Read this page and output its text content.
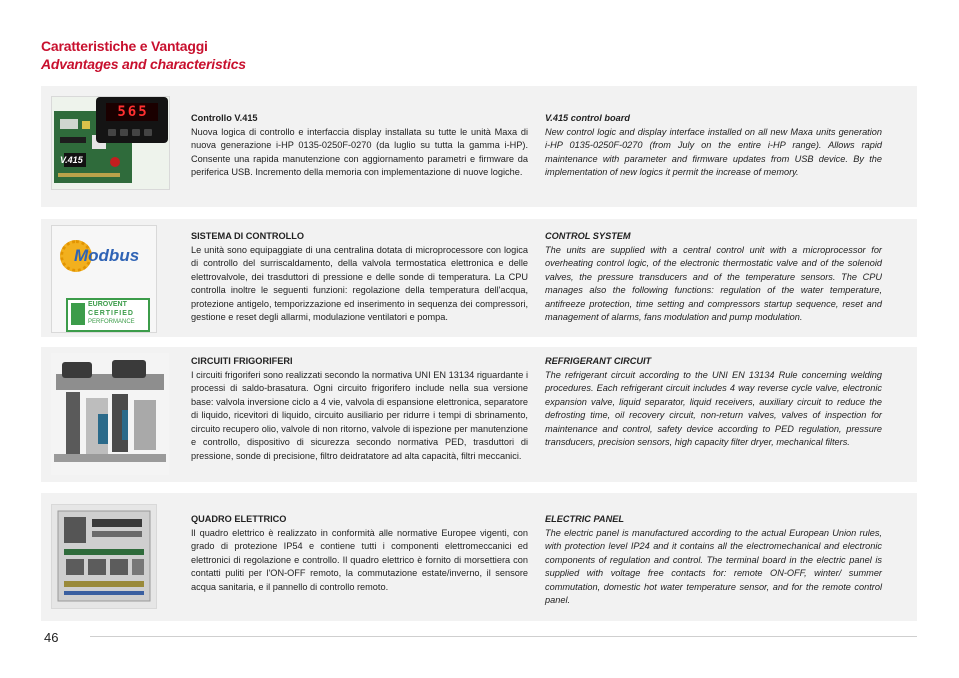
Caratteristiche e Vantaggi
Advantages and characteristics
565
V.415
Controllo V.415

Nuova logica di controllo e interfaccia display installata su tutte le unità Maxa di nuova generazione i-HP 0135-0250F-0270 (da luglio su tutta la gamma i-HP). Consente una rapida manutenzione con aggiornamento parametri e firmware da periferica USB. Incremento della memoria con implementazione di nuove logiche.

V.415 control board

New control logic and display interface installed on all new Maxa units generation i-HP 0135-0250F-0270 (from July on the entire i-HP range). Allows rapid maintenance with parameter and firmware updates from USB device. By the implementation of new logics it permit the increase of memory.

Modbus
EUROVENT
CERTIFIED
PERFORMANCE
SISTEMA DI CONTROLLO

Le unità sono equipaggiate di una centralina dotata di microprocessore con logica di controllo del surriscaldamento, della valvola termostatica elettronica e delle elettrovalvole, dei trasduttori di pressione e delle sonde di temperatura. La CPU controlla inoltre le seguenti funzioni: regolazione della temperatura dell'acqua, protezione antigelo, temporizzazione ed inserimento in sequenza dei compressori, gestione e reset degli allarmi, modulazione ventilatori e pompa.

CONTROL SYSTEM

The units are supplied with a central control unit with a microprocessor for overheating control logic, of the electronic thermostatic valve and of the solenoid valves, the pressure transducers and of the temperature sensors. The CPU manages also the following functions: regulation of the water temperature, antifreeze protection, time setting and compressors startup sequence, reset and management of alarms, fans modulation and pump modulation.

CIRCUITI FRIGORIFERI

I circuiti frigoriferi sono realizzati secondo la normativa UNI EN 13134 riguardante i processi di saldo-brasatura. Ogni circuito frigorifero include nella sua versione base: valvola inversione ciclo a 4 vie, valvola di espansione elettronica, separatore di liquido, ricevitori di liquido, circuito ausiliario per ridurre i tempi di sbrinamento, circuito recupero olio, valvole di non ritorno, valvole di ispezione per manutenzione e controllo, dispositivo di sicurezza secondo normativa PED, trasduttori di pressione, sonde di precisione, filtro deidratatore ad alta capacità, filtri meccanici.

REFRIGERANT CIRCUIT

The refrigerant circuit according to the UNI EN 13134 Rule concerning welding procedures. Each refrigerant circuit includes 4 way reverse cycle valve, electronic expansion valve, liquid separator, liquid receivers, auxiliary circuit to reduce the defrosting time, oil recovery circuit, non-return valves, valves of inspection for maintenance and control, safety device according to PED regulation, pressure transducers, precision sensors, high capacity filter dryer, mechanical filters.

QUADRO ELETTRICO

Il quadro elettrico è realizzato in conformità alle normative Europee vigenti, con grado di protezione IP54 e contiene tutti i componenti elettromeccanici ed elettronici di regolazione e controllo. Il quadro elettrico è fornito di morsettiera con contatti puliti per l'ON-OFF remoto, la commutazione estate/inverno, il sensore acqua sanitaria, e il pannello di controllo remoto.

ELECTRIC PANEL

The electric panel is manufactured according to the actual European Union rules, with protection level IP24 and it contains all the electromechanical and electronic components of regulation and control. The terminal board in the electric panel is supplied with voltage free contacts for: remote ON-OFF, winter/ summer commutation, domestic hot water temperature sensor, and for the remote control panel.

46
